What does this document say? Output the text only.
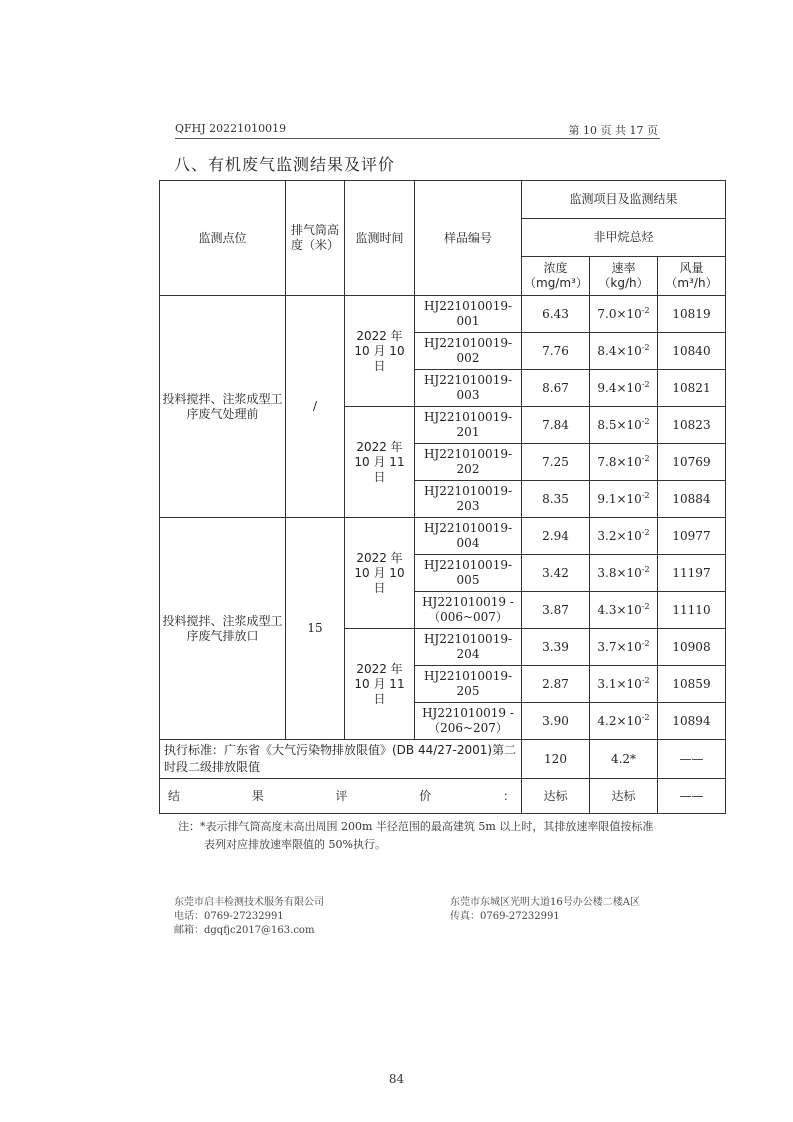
QFHJ 20221010019	第 10 页 共 17 页
八、有机废气监测结果及评价
监测点位	排气筒高度（米）	监测时间	样品编号	监测项目及监测结果		
				非甲烷总烃		
				浓度（mg/m³）	速率（kg/h）	风量（m³/h）
投料搅拌、注浆成型工序废气处理前	/	2022 年 10 月 10 日	HJ221010019-001	6.43	$7.0\times 10^{-2}$	10819
			HJ221010019-002	7.76	$8.4\times 10^{-2}$	10840
			HJ221010019-003	8.67	$9.4\times 10^{-2}$	10821
		2022 年 10 月 11 日	HJ221010019-201	7.84	$8.5\times 10^{-2}$	10823
			HJ221010019-202	7.25	$7.8\times 10^{-2}$	10769
			HJ221010019-203	8.35	$9.1\times 10^{-2}$	10884
投料搅拌、注浆成型工序废气排放口	15	2022 年 10 月 10 日	HJ221010019-004	2.94	$3.2\times 10^{-2}$	10977
			HJ221010019-005	3.42	$3.8\times 10^{-2}$	11197
			HJ221010019 -（006~007）	3.87	$4.3\times 10^{-2}$	11110
		2022 年 10 月 11 日	HJ221010019-204	3.39	$3.7\times 10^{-2}$	10908
			HJ221010019-205	2.87	$3.1\times 10^{-2}$	10859
			HJ221010019 -（206~207）	3.90	$4.2\times 10^{-2}$	10894
执行标准：广东省《大气污染物排放限值》(DB 44/27-2001)第二时段二级排放限值				120	4.2*	——

结 果 评 价 ：				达标	达标	——
注：*表示排气筒高度未高出周围 200m 半径范围的最高建筑 5m 以上时，其排放速率限值按标准
表列对应排放速率限值的 50%执行。
东莞市启丰检测技术服务有限公司
电话：0769-27232991
邮箱：dgqfjc2017@163.com
东莞市东城区光明大道16号办公楼二楼A区
传真：0769-27232991
84
